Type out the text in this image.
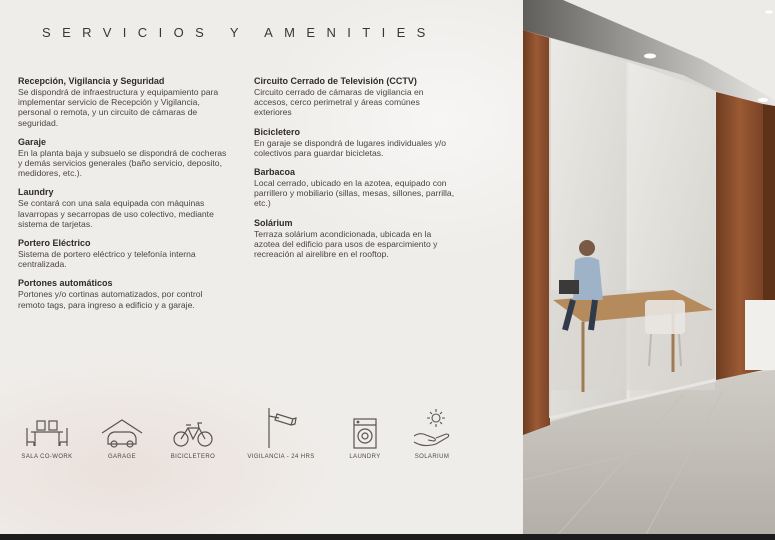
SERVICIOS Y AMENITIES
Recepción, Vigilancia y Seguridad
Se dispondrá de infraestructura y equipamiento para implementar servicio de Recepción y Vigilancia, personal o remota, y un circuito de cámaras de seguridad.
Garaje
En la planta baja y subsuelo se dispondrá de cocheras y demás servicios generales (baño servicio, deposito, medidores, etc.).
Laundry
Se contará con una sala equipada con máquinas lavarropas y secarropas de uso colectivo, mediante sistema de tarjetas.
Portero Eléctrico
Sistema de portero eléctrico y telefonía interna centralizada.
Portones automáticos
Portones y/o cortinas automatizados, por control remoto tags, para ingreso a edificio y a garaje.
Circuito Cerrado de Televisión (CCTV)
Circuito cerrado de cámaras de vigilancia en accesos, cerco perimetral y áreas comúnes exteriores
Bicicletero
En garaje se dispondrá de lugares individuales y/o colectivos para guardar bicicletas.
Barbacoa
Local cerrado, ubicado en la azotea, equipado con parrillero y mobiliario (sillas, mesas, sillones, parrilla, etc.)
Solárium
Terraza solárium acondicionada, ubicada en la azotea del edificio para usos de esparcimiento y recreación al airelibre en el rooftop.
SALA CO-WORK	GARAGE	BICICLETERO	VIGILANCIA - 24 HRS	LAUNDRY	SOLARIUM
